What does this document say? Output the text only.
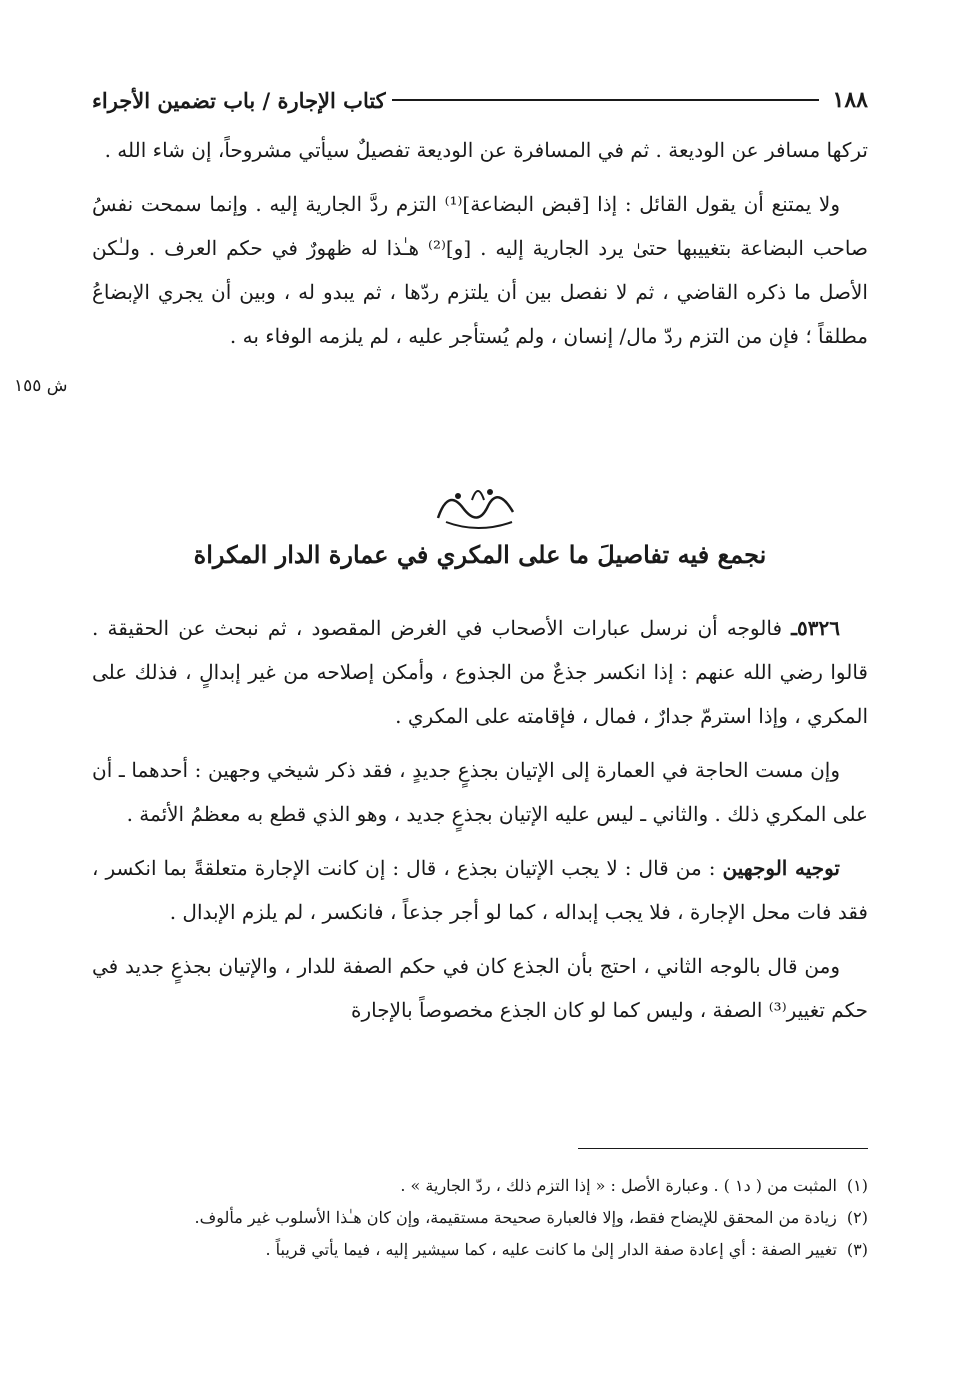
١٨٨
كتاب الإجارة / باب تضمين الأجراء

تركها مسافر عن الوديعة . ثم في المسافرة عن الوديعة تفصيلٌ سيأتي مشروحاً، إن شاء الله .

ولا يمتنع أن يقول القائل : إذا [قبض البضاعة]⁽¹⁾ التزم ردَّ الجارية إليه . وإنما سمحت نفسُ صاحب البضاعة بتغييبها حتىٰ يرد الجارية إليه . [و]⁽²⁾ هـٰذا له ظهورٌ في حكم العرف . ولـٰكن الأصل ما ذكره القاضي ، ثم لا نفصل بين أن يلتزم ردّها ، ثم يبدو له ، وبين أن يجري الإبضاعُ مطلقاً ؛ فإن من التزم ردّ مال/ إنسان ، ولم يُستأجر عليه ، لم يلزمه الوفاء به .

ش ١٥٥
نجمع فيه تفاصيلَ ما على المكري في عمارة الدار المكراة

٥٣٢٦ـ فالوجه أن نرسل عبارات الأصحاب في الغرض المقصود ، ثم نبحث عن الحقيقة . قالوا رضي الله عنهم : إذا انكسر جذعٌ من الجذوع ، وأمكن إصلاحه من غير إبدالٍ ، فذلك على المكري ، وإذا استرمّ جدارٌ ، فمال ، فإقامته على المكري .

وإن مست الحاجة في العمارة إلى الإتيان بجذعٍ جديدٍ ، فقد ذكر شيخي وجهين : أحدهما ـ أن على المكري ذلك . والثاني ـ ليس عليه الإتيان بجذعٍ جديد ، وهو الذي قطع به معظمُ الأئمة .

توجيه الوجهين : من قال : لا يجب الإتيان بجذع ، قال : إن كانت الإجارة متعلقةً بما انكسر ، فقد فات محل الإجارة ، فلا يجب إبداله ، كما لو أجر جذعاً ، فانكسر ، لم يلزم الإبدال .

ومن قال بالوجه الثاني ، احتج بأن الجذع كان في حكم الصفة للدار ، والإتيان بجذعٍ جديد في حكم تغيير⁽³⁾ الصفة ، وليس كما لو كان الجذع مخصوصاً بالإجارة

(١)
المثبت من ( د١ ) . وعبارة الأصل : « إذا التزم ذلك ، ردّ الجارية » .
(٢)
زيادة من المحقق للإيضاح فقط، وإلا فالعبارة صحيحة مستقيمة، وإن كان هـٰذا الأسلوب غير مألوف.
(٣)
تغيير الصفة : أي إعادة صفة الدار إلىٰ ما كانت عليه ، كما سيشير إليه ، فيما يأتي قريباً .
